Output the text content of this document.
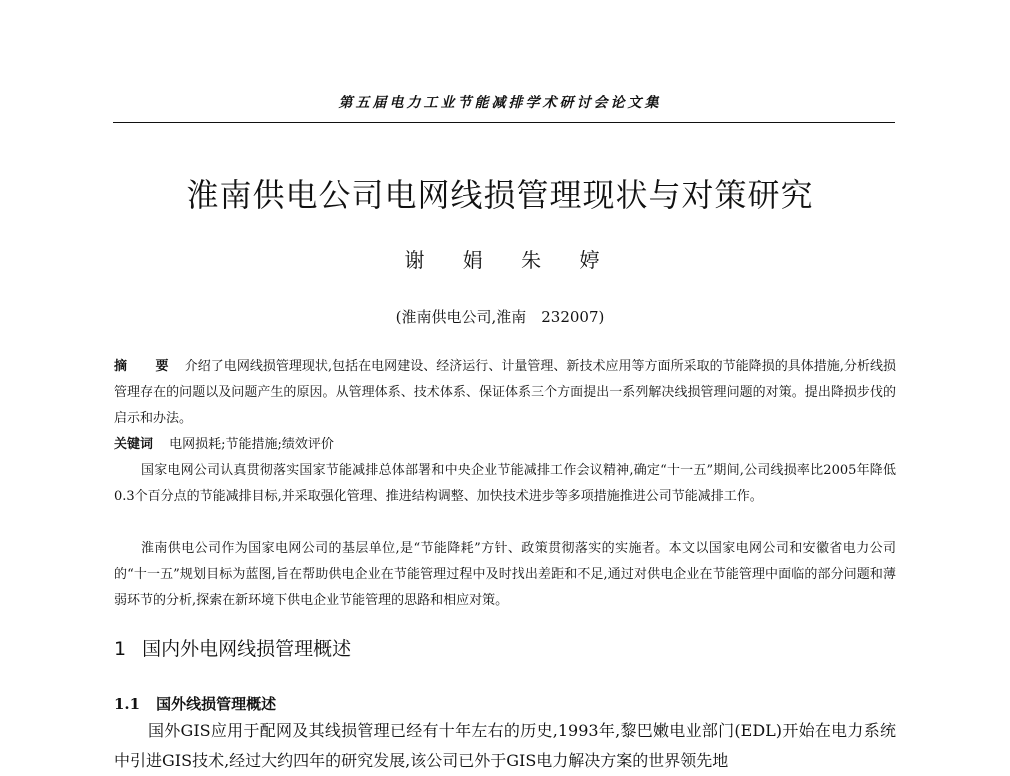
第五届电力工业节能减排学术研讨会论文集
淮南供电公司电网线损管理现状与对策研究
谢 娟 朱 婷
(淮南供电公司,淮南　232007)

摘 要 介绍了电网线损管理现状,包括在电网建设、经济运行、计量管理、新技术应用等方面所采取的节能降损的具体措施,分析线损管理存在的问题以及问题产生的原因。从管理体系、技术体系、保证体系三个方面提出一系列解决线损管理问题的对策。提出降损步伐的启示和办法。

关键词 电网损耗;节能措施;绩效评价

国家电网公司认真贯彻落实国家节能减排总体部署和中央企业节能减排工作会议精神,确定“十一五”期间,公司线损率比2005年降低0.3个百分点的节能减排目标,并采取强化管理、推进结构调整、加快技术进步等多项措施推进公司节能减排工作。

淮南供电公司作为国家电网公司的基层单位,是“节能降耗”方针、政策贯彻落实的实施者。本文以国家电网公司和安徽省电力公司的“十一五”规划目标为蓝图,旨在帮助供电企业在节能管理过程中及时找出差距和不足,通过对供电企业在节能管理中面临的部分问题和薄弱环节的分析,探索在新环境下供电企业节能管理的思路和相应对策。

1 国内外电网线损管理概述
1.1 国外线损管理概述

国外GIS应用于配网及其线损管理已经有十年左右的历史,1993年,黎巴嫩电业部门(EDL)开始在电力系统中引进GIS技术,经过大约四年的研究发展,该公司已外于GIS电力解决方案的世界领先地
